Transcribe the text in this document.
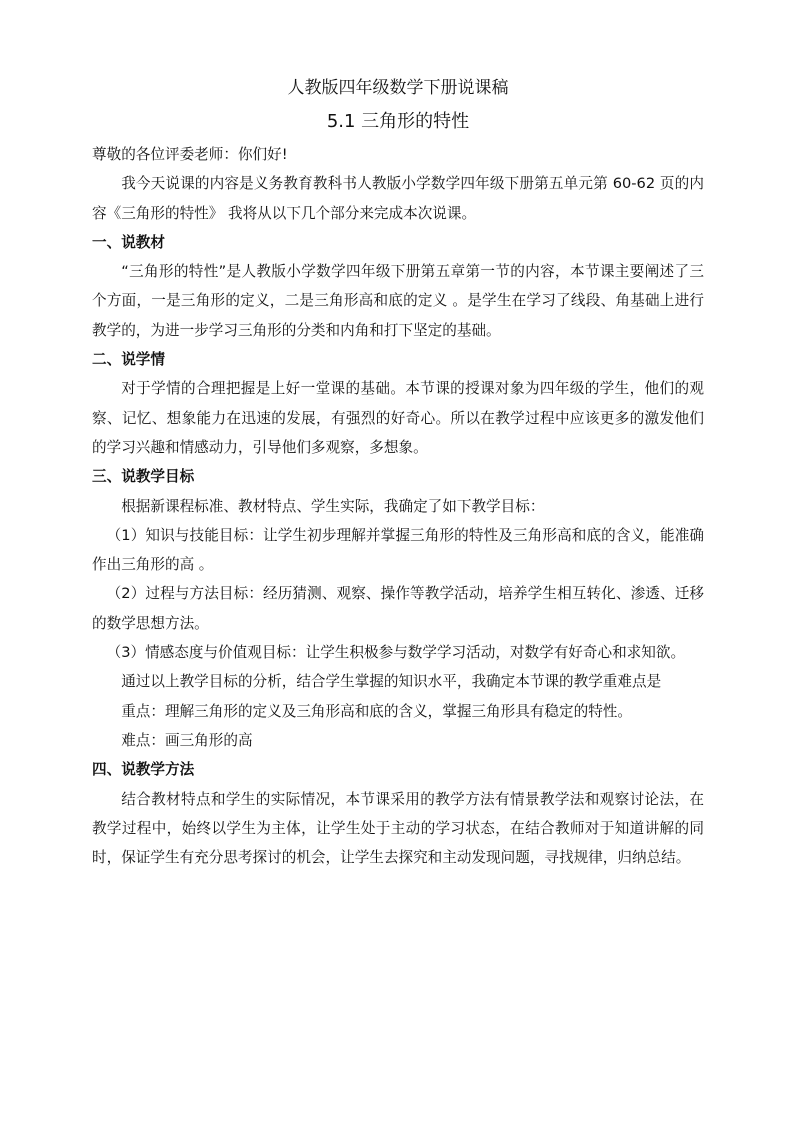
人教版四年级数学下册说课稿
5.1 三角形的特性

尊敬的各位评委老师：你们好!

我今天说课的内容是义务教育教科书人教版小学数学四年级下册第五单元第 60-62 页的内容《三角形的特性》 我将从以下几个部分来完成本次说课。

一、说教材

“三角形的特性”是人教版小学数学四年级下册第五章第一节的内容，本节课主要阐述了三个方面，一是三角形的定义，二是三角形高和底的定义 。是学生在学习了线段、角基础上进行教学的，为进一步学习三角形的分类和内角和打下坚定的基础。

二、说学情

对于学情的合理把握是上好一堂课的基础。本节课的授课对象为四年级的学生，他们的观察、记忆、想象能力在迅速的发展，有强烈的好奇心。所以在教学过程中应该更多的激发他们的学习兴趣和情感动力，引导他们多观察，多想象。

三、说教学目标

根据新课程标准、教材特点、学生实际，我确定了如下教学目标：

（1）知识与技能目标：让学生初步理解并掌握三角形的特性及三角形高和底的含义，能准确作出三角形的高 。

（2）过程与方法目标：经历猜测、观察、操作等教学活动，培养学生相互转化、渗透、迁移的数学思想方法。

（3）情感态度与价值观目标：让学生积极参与数学学习活动，对数学有好奇心和求知欲。

通过以上教学目标的分析，结合学生掌握的知识水平，我确定本节课的教学重难点是

重点：理解三角形的定义及三角形高和底的含义，掌握三角形具有稳定的特性。

难点：画三角形的高

四、说教学方法

结合教材特点和学生的实际情况，本节课采用的教学方法有情景教学法和观察讨论法，在教学过程中，始终以学生为主体，让学生处于主动的学习状态，在结合教师对于知道讲解的同时，保证学生有充分思考探讨的机会，让学生去探究和主动发现问题，寻找规律，归纳总结。
